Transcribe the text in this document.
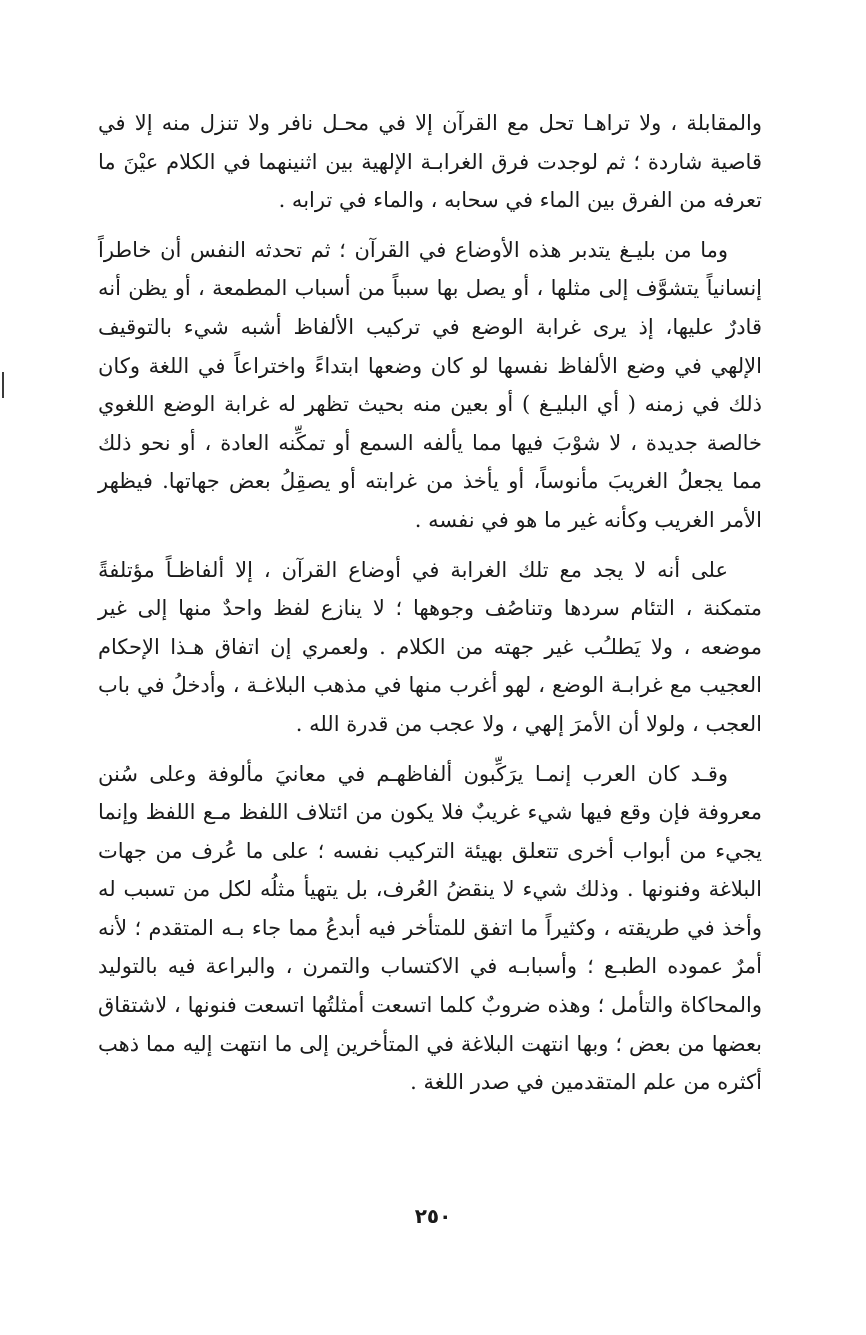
والمقابلة ، ولا تراهـا تحل مع القرآن إلا في محـل نافر ولا تنزل منه إلا في قاصية شاردة ؛ ثم لوجدت فرق الغرابـة الإلهية بين اثنينهما في الكلام عيْنَ ما تعرفه من الفرق بين الماء في سحابه ، والماء في ترابه .

وما من بليـغ يتدبر هذه الأوضاع في القرآن ؛ ثم تحدثه النفس أن خاطراً إنسانياً يتشوَّف إلى مثلها ، أو يصل بها سبباً من أسباب المطمعة ، أو يظن أنه قادرٌ عليها، إذ يرى غرابة الوضع في تركيب الألفاظ أشبه شيء بالتوقيف الإلهي في وضع الألفاظ نفسها لو كان وضعها ابتداءً واختراعاً في اللغة وكان ذلك في زمنه ( أي البليـغ ) أو بعين منه بحيث تظهر له غرابة الوضع اللغوي خالصة جديدة ، لا شوْبَ فيها مما يألفه السمع أو تمكِّنه العادة ، أو نحو ذلك مما يجعلُ الغريبَ مأنوساً، أو يأخذ من غرابته أو يصقِلُ بعض جهاتها. فيظهر الأمر الغريب وكأنه غير ما هو في نفسه .

على أنه لا يجد مع تلك الغرابة في أوضاع القرآن ، إلا ألفاظـاً مؤتلفةً متمكنة ، التئام سردها وتناصُف وجوهها ؛ لا ينازع لفظ واحدٌ منها إلى غير موضعه ، ولا يَطلـُب غير جهته من الكلام . ولعمري إن اتفاق هـذا الإحكام العجيب مع غرابـة الوضع ، لهو أغرب منها في مذهب البلاغـة ، وأدخلُ في باب العجب ، ولولا أن الأمرَ إلهي ، ولا عجب من قدرة الله .

وقـد كان العرب إنمـا يرَكِّبون ألفاظهـم في معانيَ مألوفة وعلى سُنن معروفة فإن وقع فيها شيء غريبٌ فلا يكون من ائتلاف اللفظ مـع اللفظ وإنما يجيء من أبواب أخرى تتعلق بهيئة التركيب نفسه ؛ على ما عُرف من جهات البلاغة وفنونها . وذلك شيء لا ينقضُ العُرف، بل يتهيأ مثلُه لكل من تسبب له وأخذ في طريقته ، وكثيراً ما اتفق للمتأخر فيه أبدعُ مما جاء بـه المتقدم ؛ لأنه أمرٌ عموده الطبـع ؛ وأسبابـه في الاكتساب والتمرن ، والبراعة فيه بالتوليد والمحاكاة والتأمل ؛ وهذه ضروبٌ كلما اتسعت أمثلتُها اتسعت فنونها ، لاشتقاق بعضها من بعض ؛ وبها انتهت البلاغة في المتأخرين إلى ما انتهت إليه مما ذهب أكثره من علم المتقدمين في صدر اللغة .

٢٥٠
